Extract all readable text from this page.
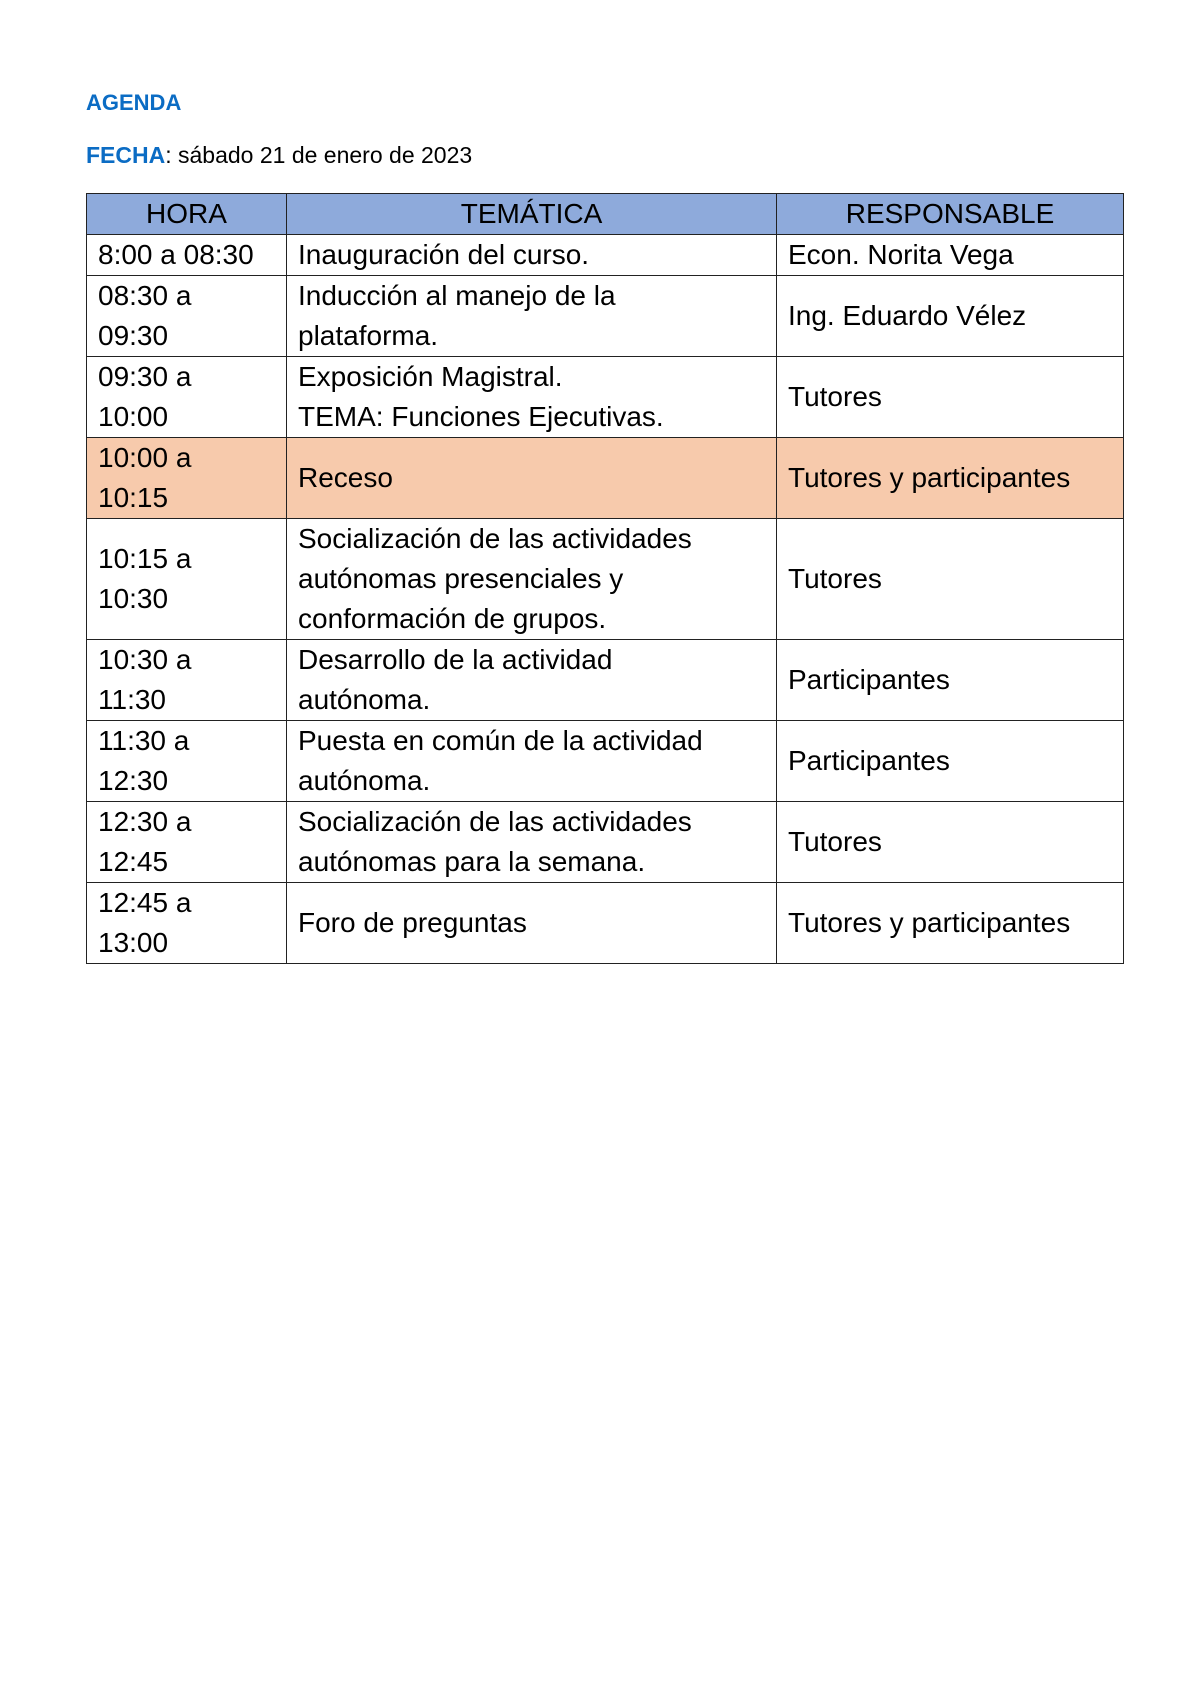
AGENDA
FECHA: sábado 21 de enero de 2023
HORA	TEMÁTICA	RESPONSABLE
8:00 a 08:30	Inauguración del curso.	Econ. Norita Vega
08:30 a
09:30	Inducción al manejo de la
plataforma.	Ing. Eduardo Vélez
09:30 a
10:00	Exposición Magistral.
TEMA: Funciones Ejecutivas.	Tutores
10:00 a
10:15	Receso	Tutores y participantes
10:15 a
10:30	Socialización de las actividades
autónomas presenciales y
conformación de grupos.	Tutores
10:30 a
11:30	Desarrollo de la actividad
autónoma.	Participantes
11:30 a
12:30	Puesta en común de la actividad
autónoma.	Participantes
12:30 a
12:45	Socialización de las actividades
autónomas para la semana.	Tutores
12:45 a
13:00	Foro de preguntas	Tutores y participantes
